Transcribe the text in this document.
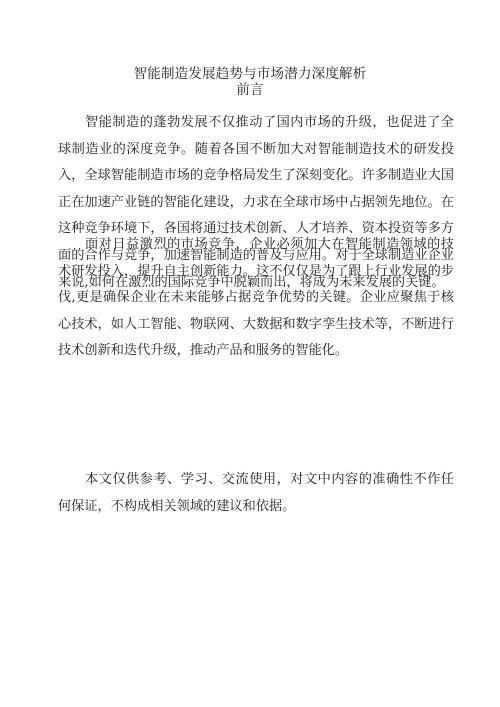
智能制造发展趋势与市场潜力深度解析
前言

智能制造的蓬勃发展不仅推动了国内市场的升级，也促进了全球制造业的深度竞争。随着各国不断加大对智能制造技术的研发投入，全球智能制造市场的竞争格局发生了深刻变化。许多制造业大国正在加速产业链的智能化建设，力求在全球市场中占据领先地位。在这种竞争环境下，各国将通过技术创新、人才培养、资本投资等多方面的合作与竞争，加速智能制造的普及与应用。对于全球制造业企业来说,如何在激烈的国际竞争中脱颖而出，将成为未来发展的关键。

面对日益激烈的市场竞争，企业必须加大在智能制造领域的技术研发投入，提升自主创新能力。这不仅仅是为了跟上行业发展的步伐,更是确保企业在未来能够占据竞争优势的关键。企业应聚焦于核心技术，如人工智能、物联网、大数据和数字孪生技术等，不断进行技术创新和迭代升级，推动产品和服务的智能化。

本文仅供参考、学习、交流使用，对文中内容的准确性不作任何保证，不构成相关领域的建议和依据。
